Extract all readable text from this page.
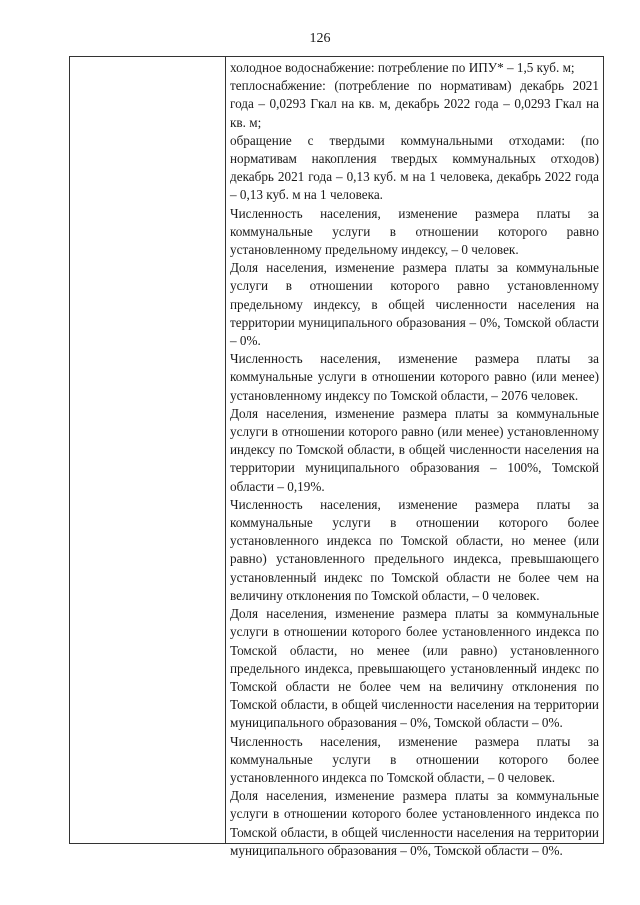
126

холодное водоснабжение: потребление по ИПУ* – 1,5 куб. м;

теплоснабжение: (потребление по нормативам) декабрь 2021 года – 0,0293 Гкал на кв. м, декабрь 2022 года – 0,0293 Гкал на кв. м;

обращение с твердыми коммунальными отходами: (по нормативам накопления твердых коммунальных отходов) декабрь 2021 года – 0,13 куб. м на 1 человека, декабрь 2022 года – 0,13 куб. м на 1 человека.

Численность населения, изменение размера платы за коммунальные услуги в отношении которого равно установленному предельному индексу, – 0 человек.

Доля населения, изменение размера платы за коммунальные услуги в отношении которого равно установленному предельному индексу, в общей численности населения на территории муниципального образования – 0%, Томской области – 0%.

Численность населения, изменение размера платы за коммунальные услуги в отношении которого равно (или менее) установленному индексу по Томской области, – 2076 человек.

Доля населения, изменение размера платы за коммунальные услуги в отношении которого равно (или менее) установленному индексу по Томской области, в общей численности населения на территории муниципального образования – 100%, Томской области – 0,19%.

Численность населения, изменение размера платы за коммунальные услуги в отношении которого более установленного индекса по Томской области, но менее (или равно) установленного предельного индекса, превышающего установленный индекс по Томской области не более чем на величину отклонения по Томской области, – 0 человек.

Доля населения, изменение размера платы за коммунальные услуги в отношении которого более установленного индекса по Томской области, но менее (или равно) установленного предельного индекса, превышающего установленный индекс по Томской области не более чем на величину отклонения по Томской области, в общей численности населения на территории муниципального образования – 0%, Томской области – 0%.

Численность населения, изменение размера платы за коммунальные услуги в отношении которого более установленного индекса по Томской области, – 0 человек.

Доля населения, изменение размера платы за коммунальные услуги в отношении которого более установленного индекса по Томской области, в общей численности населения на территории муниципального образования – 0%, Томской области – 0%.
